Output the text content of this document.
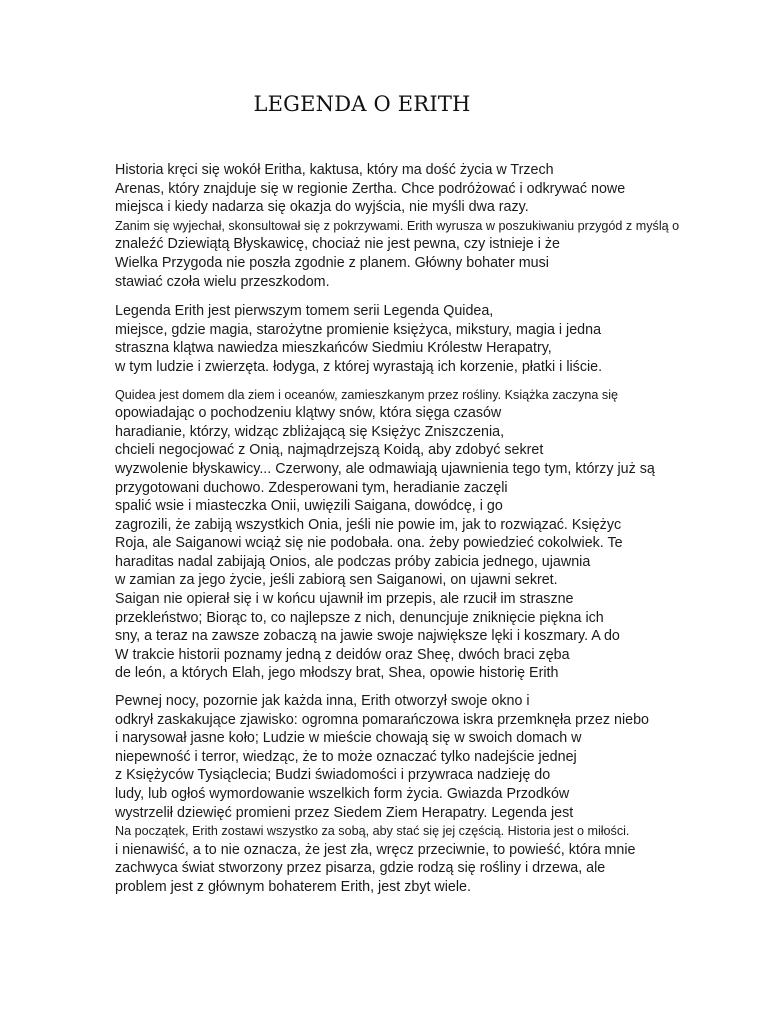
LEGENDA O ERITH
Historia kręci się wokół Eritha, kaktusa, który ma dość życia w Trzech
Arenas, który znajduje się w regionie Zertha. Chce podróżować i odkrywać nowe
miejsca i kiedy nadarza się okazja do wyjścia, nie myśli dwa razy.
Zanim się wyjechał, skonsultował się z pokrzywami. Erith wyrusza w poszukiwaniu przygód z myślą o
znaleźć Dziewiątą Błyskawicę, chociaż nie jest pewna, czy istnieje i że
Wielka Przygoda nie poszła zgodnie z planem. Główny bohater musi
stawiać czoła wielu przeszkodom.
Legenda Erith jest pierwszym tomem serii Legenda Quidea,
miejsce, gdzie magia, starożytne promienie księżyca, mikstury, magia i jedna
straszna klątwa nawiedza mieszkańców Siedmiu Królestw Herapatry,
w tym ludzie i zwierzęta. łodyga, z której wyrastają ich korzenie, płatki i liście.
Quidea jest domem dla ziem i oceanów, zamieszkanym przez rośliny. Książka zaczyna się
opowiadając o pochodzeniu klątwy snów, która sięga czasów
haradianie, którzy, widząc zbliżającą się Księżyc Zniszczenia,
chcieli negocjować z Onią, najmądrzejszą Koidą, aby zdobyć sekret
wyzwolenie błyskawicy... Czerwony, ale odmawiają ujawnienia tego tym, którzy już są
przygotowani duchowo. Zdesperowani tym, heradianie zaczęli
spalić wsie i miasteczka Onii, uwięzili Saigana, dowódcę, i go
zagrozili, że zabiją wszystkich Onia, jeśli nie powie im, jak to rozwiązać. Księżyc
Roja, ale Saiganowi wciąż się nie podobała. ona. żeby powiedzieć cokolwiek. Te
haraditas nadal zabijają Onios, ale podczas próby zabicia jednego, ujawnia
w zamian za jego życie, jeśli zabiorą sen Saiganowi, on ujawni sekret.
Saigan nie opierał się i w końcu ujawnił im przepis, ale rzucił im straszne
przekleństwo; Biorąc to, co najlepsze z nich, denuncjuje zniknięcie piękna ich
sny, a teraz na zawsze zobaczą na jawie swoje największe lęki i koszmary. A do
W trakcie historii poznamy jedną z deidów oraz Sheę, dwóch braci zęba
de león, a których Elah, jego młodszy brat, Shea, opowie historię Erith
Pewnej nocy, pozornie jak każda inna, Erith otworzył swoje okno i
odkrył zaskakujące zjawisko: ogromna pomarańczowa iskra przemknęła przez niebo
i narysował jasne koło; Ludzie w mieście chowają się w swoich domach w
niepewność i terror, wiedząc, że to może oznaczać tylko nadejście jednej
z Księżyców Tysiąclecia; Budzi świadomości i przywraca nadzieję do
ludy, lub ogłoś wymordowanie wszelkich form życia. Gwiazda Przodków
wystrzelił dziewięć promieni przez Siedem Ziem Herapatry. Legenda jest
Na początek, Erith zostawi wszystko za sobą, aby stać się jej częścią. Historia jest o miłości.
i nienawiść, a to nie oznacza, że jest zła, wręcz przeciwnie, to powieść, która mnie
zachwyca świat stworzony przez pisarza, gdzie rodzą się rośliny i drzewa, ale
problem jest z głównym bohaterem Erith, jest zbyt wiele.
